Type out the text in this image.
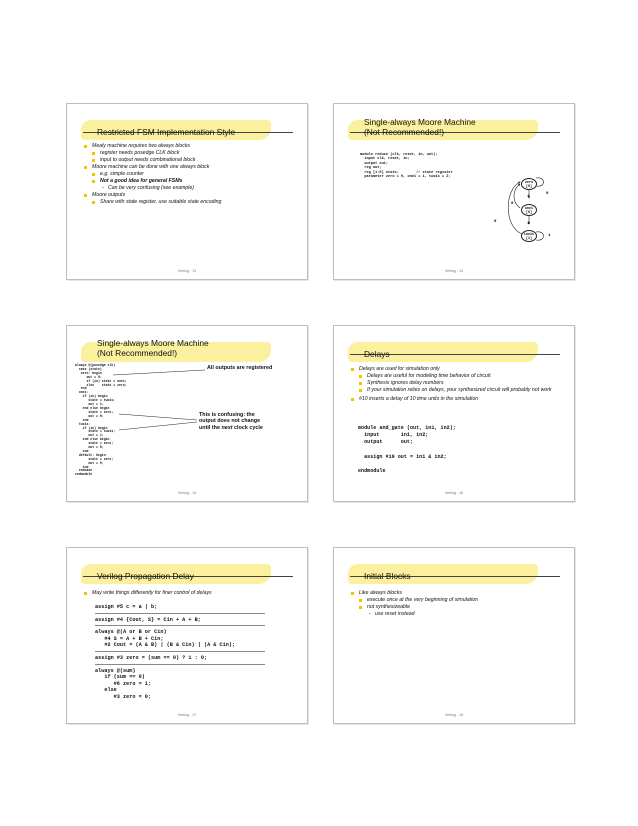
Restricted FSM Implementation Style
Mealy machine requires two always blocks
register needs posedge CLK block
input to output needs combinational block
Moore machine can be done with one always block
e.g. simple counter
Not a good idea for general FSMs
- Can be very confusing (see example)
Moore outputs
Share with state register, use suitable state encoding
Verilog - 13
Single-always Moore Machine
(Not Recommended!)
module reduce (clk, reset, in, out);
input clk, reset, in;
output out;
reg out;
reg [1:0] state;        // state register
parameter zero = 0, one1 = 1, two1s = 2;
zero
[0]
one1
[0]
two1s
[1]
1
0
0
1
0
1
Verilog - 14
Single-always Moore Machine
(Not Recommended!)
always @(posedge clk)
case (state)
zero: begin
out = 0;
if (in) state = one1;
else    state = zero;
end
one1:
if (in) begin
state = two1s;
out = 1;
end else begin
state = zero;
out = 0;
end
two1s:
if (in) begin
state = two1s;
out = 1;
end else begin
state = zero;
out = 0;
end
default: begin
state = zero;
out = 0;
end
endcase
endmodule
All outputs are registered
This is confusing: the
output does not change
until the next clock cycle
Verilog - 15
Delays
Delays are used for simulation only
Delays are useful for modeling time behavior of circuit
Synthesis ignores delay numbers
If your simulation relies on delays, your synthesized circuit will probably not work
#10 inserts a delay of 10 time units in the simulation
module and_gate (out, in1, in2);
input       in1, in2;
output      out;

assign #10 out = in1 & in2;

endmodule
Verilog - 16
Verilog Propagation Delay
May write things differently for finer control of delays
assign #5 c = a | b;
assign #4 {Cout, S} = Cin + A + B;
always @(A or B or Cin)
#4 S = A + B + Cin;
#2 Cout = (A & B) | (B & Cin) | (A & Cin);
assign #3 zero = (sum == 0) ? 1 : 0;
always @(sum)
if (sum == 0)
#6 zero = 1;
else
#3 zero = 0;
Verilog - 17
Initial Blocks
Like always blocks
execute once at the very beginning of simulation
not synthesizeable
- use reset instead
Verilog - 18
